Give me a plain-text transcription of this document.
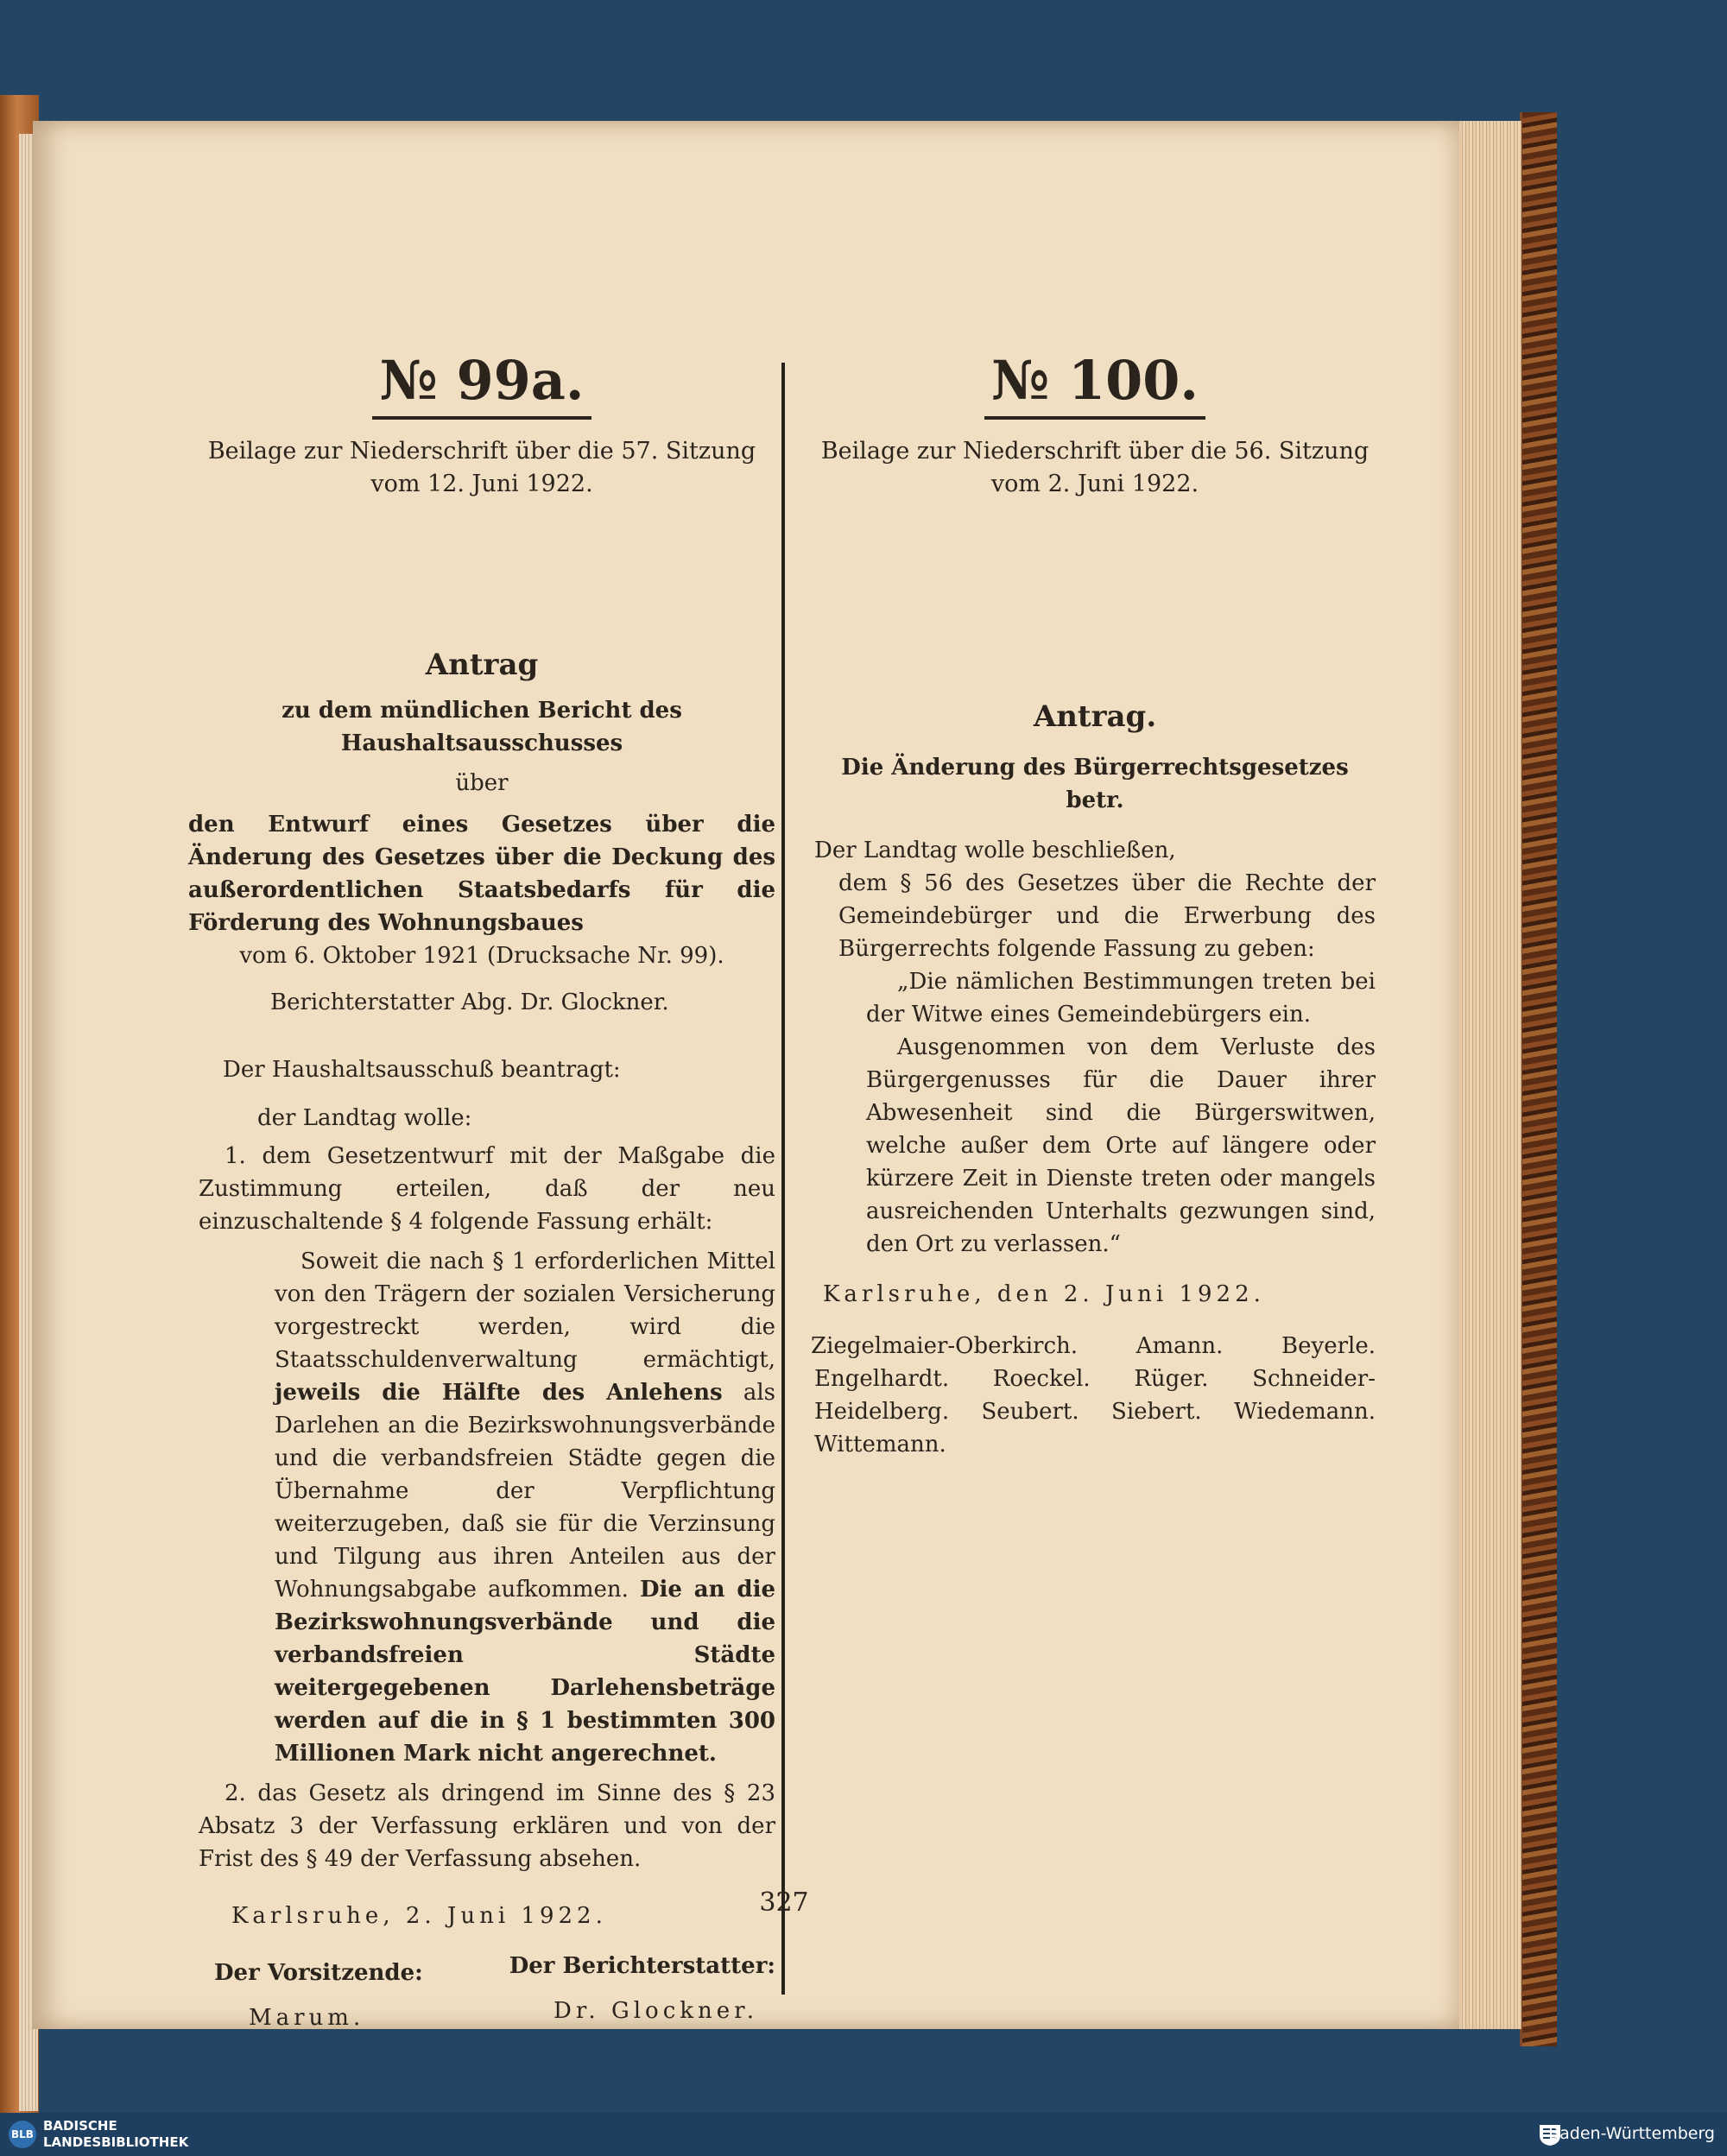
№ 99a.
Beilage zur Niederschrift über die 57. Sitzung
vom 12. Juni 1922.
Antrag

zu dem mündlichen Bericht des Haushaltsausschusses

über

den Entwurf eines Gesetzes über die Änderung des Gesetzes über die Deckung des außerordentlichen Staatsbedarfs für die Förderung des Wohnungsbaues

vom 6. Oktober 1921 (Drucksache Nr. 99).

Berichterstatter Abg. Dr. Glockner.

Der Haushaltsausschuß beantragt:

der Landtag wolle:

1. dem Gesetzentwurf mit der Maßgabe die Zustimmung erteilen, daß der neu einzuschaltende § 4 folgende Fassung erhält:

Soweit die nach § 1 erforderlichen Mittel von den Trägern der sozialen Versicherung vorgestreckt werden, wird die Staatsschuldenverwaltung ermächtigt, jeweils die Hälfte des Anlehens als Darlehen an die Bezirkswohnungsverbände und die verbandsfreien Städte gegen die Übernahme der Verpflichtung weiterzugeben, daß sie für die Verzinsung und Tilgung aus ihren Anteilen aus der Wohnungsabgabe aufkommen. Die an die Bezirkswohnungsverbände und die verbandsfreien Städte weitergegebenen Darlehensbeträge werden auf die in § 1 bestimmten 300 Millionen Mark nicht angerechnet.

2. das Gesetz als dringend im Sinne des § 23 Absatz 3 der Verfassung erklären und von der Frist des § 49 der Verfassung absehen.

Karlsruhe, 2. Juni 1922.

Der Vorsitzende:
Marum.
Der Berichterstatter:
Dr. Glockner.
№ 100.
Beilage zur Niederschrift über die 56. Sitzung
vom 2. Juni 1922.
Antrag.

Die Änderung des Bürgerrechtsgesetzes betr.

Der Landtag wolle beschließen,

dem § 56 des Gesetzes über die Rechte der Gemeindebürger und die Erwerbung des Bürgerrechts folgende Fassung zu geben:

„Die nämlichen Bestimmungen treten bei der Witwe eines Gemeindebürgers ein.

Ausgenommen von dem Verluste des Bürgergenusses für die Dauer ihrer Abwesenheit sind die Bürgerswitwen, welche außer dem Orte auf längere oder kürzere Zeit in Dienste treten oder mangels ausreichenden Unterhalts gezwungen sind, den Ort zu verlassen.“

Karlsruhe, den 2. Juni 1922.

Ziegelmaier-Oberkirch. Amann. Beyerle. Engelhardt. Roeckel. Rüger. Schneider-Heidelberg. Seubert. Siebert. Wiedemann. Wittemann.

327
BLB
BADISCHE
LANDESBIBLIOTHEK	Baden-Württemberg
